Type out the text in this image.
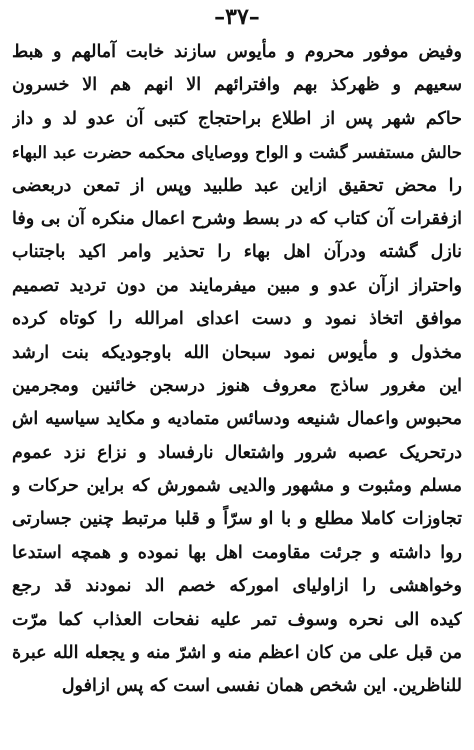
–۳۷–
وفیض موفور محروم و مأیوس سازند خابت آمالهم و هبط
سعیهم و ظهرکذ بهم وافترائهم الا انهم هم الا خسرون
حاکم شهر پس از اطلاع براحتجاج کتبی آن عدو لد و داز
حالش مستفسر گشت و الواح ووصایای محکمه حضرت عبد البهاء
را محض تحقیق ازاین عبد طلبید وپس از تمعن دربعضی
ازفقرات آن کتاب که در بسط وشرح اعمال منکره آن بی وفا
نازل گشته ودرآن اهل بهاء را تحذیر وامر اکید باجتناب
واحتراز ازآن عدو و مبین میفرمایند من دون تردید تصمیم
موافق اتخاذ نمود و دست اعدای امرالله را کوتاه کرده
مخذول و مأیوس نمود سبحان الله باوجودیکه بنت ارشد
این مغرور ساذج معروف هنوز درسجن خائنین ومجرمین
محبوس واعمال شنیعه ودسائس متمادیه و مکاید سیاسیه اش
درتحریک عصبه شرور واشتعال نارفساد و نزاع نزد عموم
مسلم ومثبوت و مشهور والدیی شمورش که براین حرکات و
تجاوزات کاملا مطلع و با او سرّاً و قلبا مرتبط چنین جسارتی
روا داشته و جرئت مقاومت اهل بها نموده و همچه استدعا
وخواهشی را ازاولیای امورکه خصم الد نمودند قد رجع
کیده الی نحره وسوف تمر علیه نفحات العذاب کما مرّت
من قبل علی من کان اعظم منه و اشرّ منه و یجعله الله عبرة
للناظرین. این شخص همان نفسی است که پس ازافول
